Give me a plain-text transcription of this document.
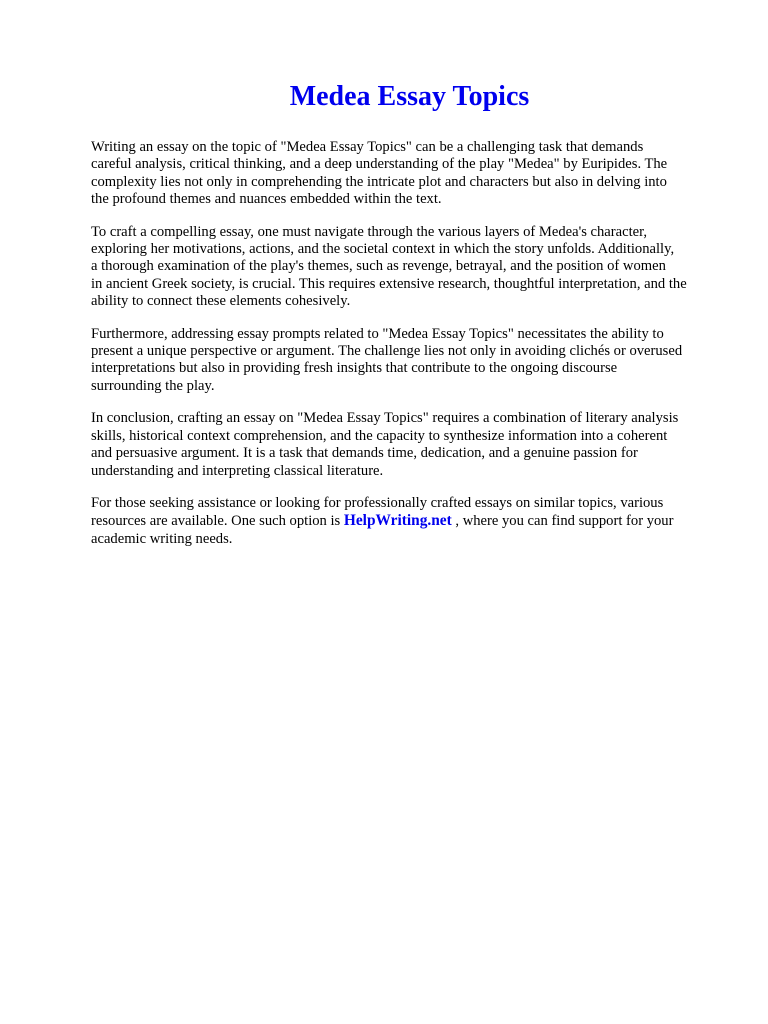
Medea Essay Topics

Writing an essay on the topic of "Medea Essay Topics" can be a challenging task that demands
careful analysis, critical thinking, and a deep understanding of the play "Medea" by Euripides. The
complexity lies not only in comprehending the intricate plot and characters but also in delving into
the profound themes and nuances embedded within the text.

To craft a compelling essay, one must navigate through the various layers of Medea's character,
exploring her motivations, actions, and the societal context in which the story unfolds. Additionally,
a thorough examination of the play's themes, such as revenge, betrayal, and the position of women
in ancient Greek society, is crucial. This requires extensive research, thoughtful interpretation, and the
ability to connect these elements cohesively.

Furthermore, addressing essay prompts related to "Medea Essay Topics" necessitates the ability to
present a unique perspective or argument. The challenge lies not only in avoiding clichés or overused
interpretations but also in providing fresh insights that contribute to the ongoing discourse
surrounding the play.

In conclusion, crafting an essay on "Medea Essay Topics" requires a combination of literary analysis
skills, historical context comprehension, and the capacity to synthesize information into a coherent
and persuasive argument. It is a task that demands time, dedication, and a genuine passion for
understanding and interpreting classical literature.

For those seeking assistance or looking for professionally crafted essays on similar topics, various
resources are available. One such option is HelpWriting.net , where you can find support for your
academic writing needs.
